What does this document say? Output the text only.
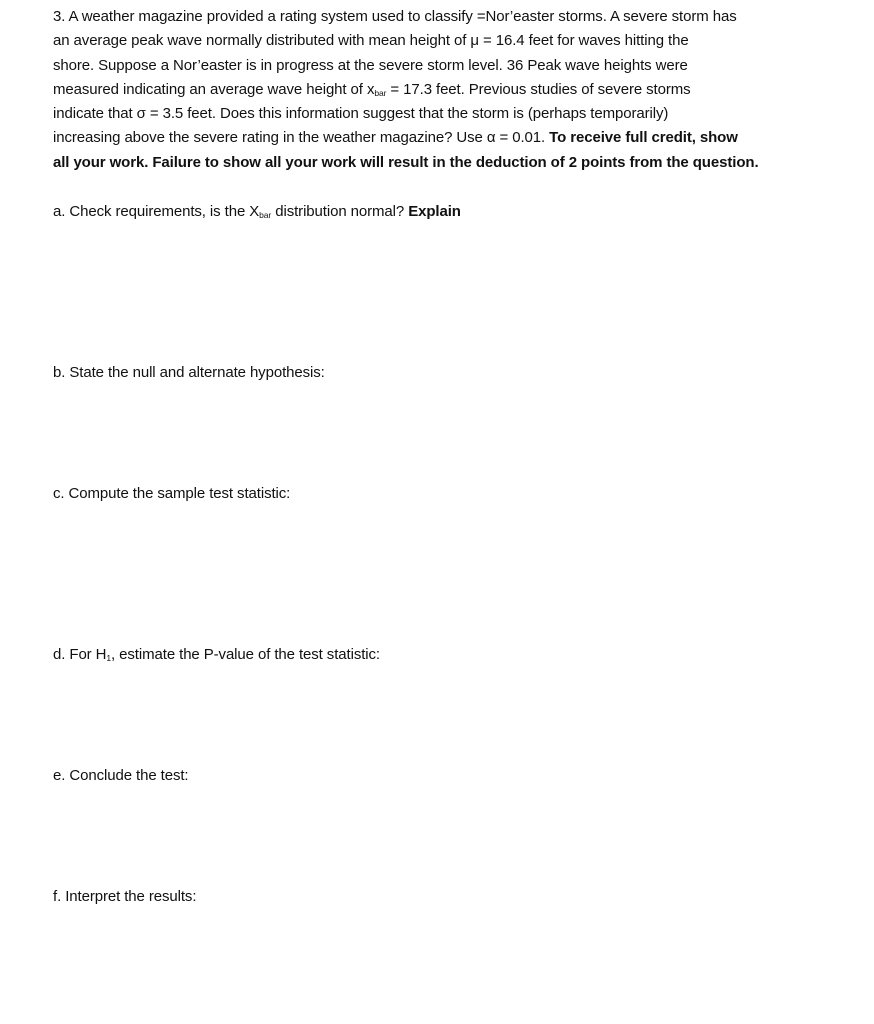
3. A weather magazine provided a rating system used to classify =Nor’easter storms. A severe storm has

an average peak wave normally distributed with mean height of μ = 16.4 feet for waves hitting the

shore. Suppose a Nor’easter is in progress at the severe storm level. 36 Peak wave heights were

measured indicating an average wave height of $x_{bar} = 17.3$ feet. Previous studies of severe storms

indicate that σ = 3.5 feet. Does this information suggest that the storm is (perhaps temporarily)

increasing above the severe rating in the weather magazine? Use α = 0.01. To receive full credit, show

all your work. Failure to show all your work will result in the deduction of 2 points from the question.

a. Check requirements, is the $X_{bar}$ distribution normal? Explain
b. State the null and alternate hypothesis:
c. Compute the sample test statistic:
d. For $H_1$, estimate the P-value of the test statistic:
e. Conclude the test:
f. Interpret the results:
